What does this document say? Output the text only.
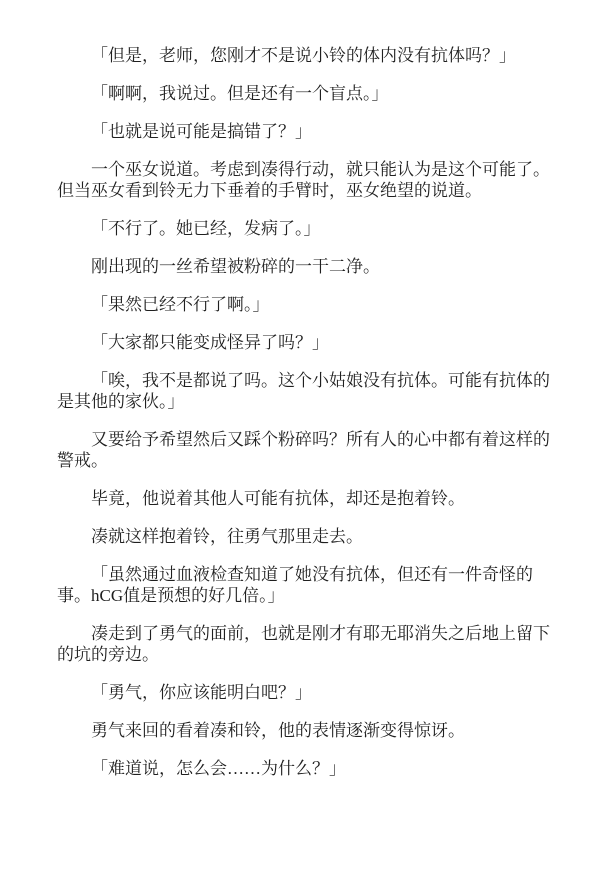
「但是，老师，您刚才不是说小铃的体内没有抗体吗？」

「啊啊，我说过。但是还有一个盲点。」

「也就是说可能是搞错了？」

一个巫女说道。考虑到凑得行动，就只能认为是这个可能了。但当巫女看到铃无力下垂着的手臂时，巫女绝望的说道。

「不行了。她已经，发病了。」

刚出现的一丝希望被粉碎的一干二净。

「果然已经不行了啊。」

「大家都只能变成怪异了吗？」

「唉，我不是都说了吗。这个小姑娘没有抗体。可能有抗体的是其他的家伙。」

又要给予希望然后又踩个粉碎吗？所有人的心中都有着这样的警戒。

毕竟，他说着其他人可能有抗体，却还是抱着铃。

凑就这样抱着铃，往勇气那里走去。

「虽然通过血液检查知道了她没有抗体，但还有一件奇怪的事。hCG值是预想的好几倍。」

凑走到了勇气的面前，也就是刚才有耶无耶消失之后地上留下的坑的旁边。

「勇气，你应该能明白吧？」

勇气来回的看着凑和铃，他的表情逐渐变得惊讶。

「难道说，怎么会……为什么？」
